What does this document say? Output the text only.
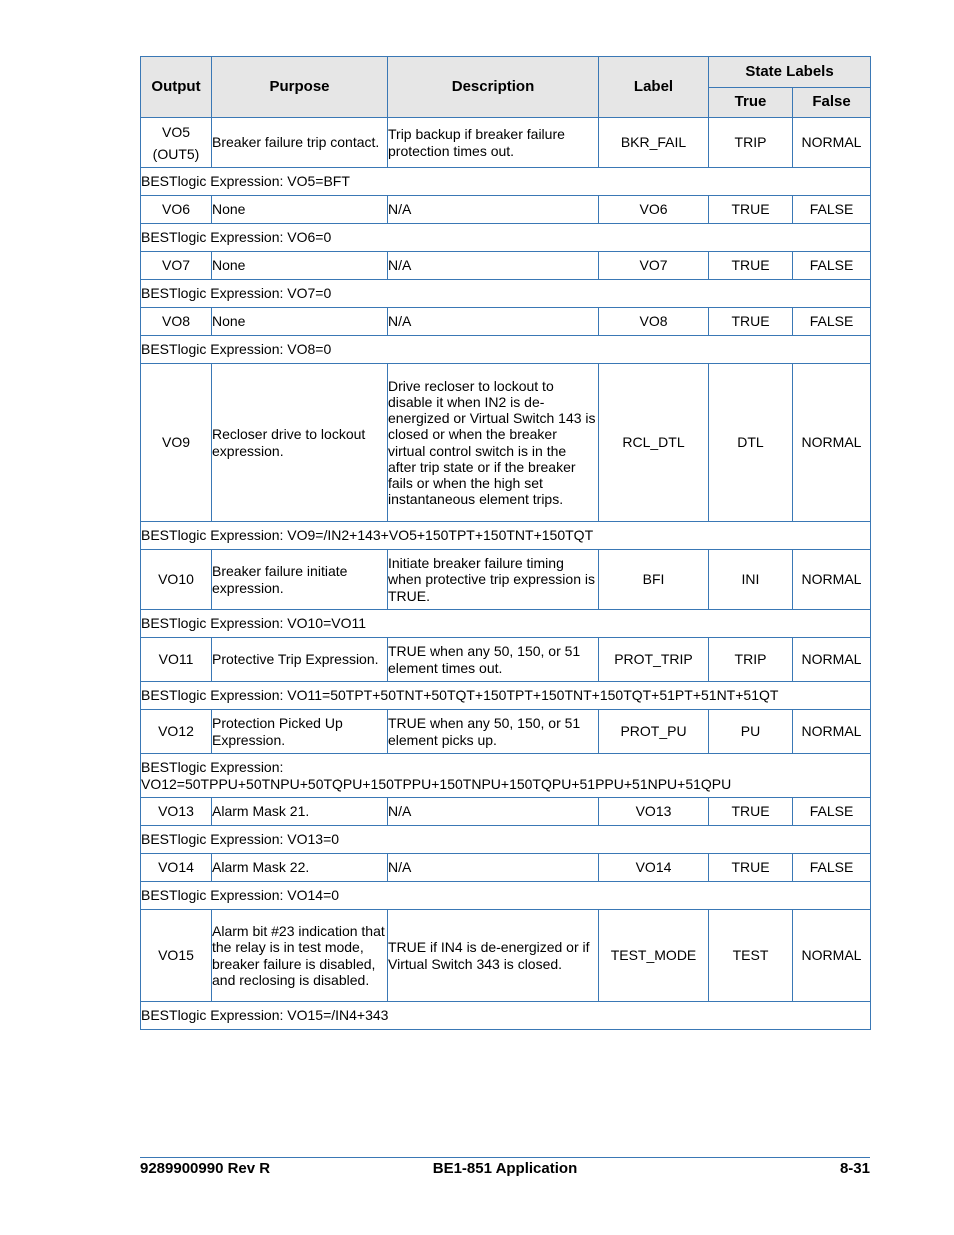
Output	Purpose	Description	Label	State Labels	
				True	False

VO5
(OUT5)	Breaker failure trip contact.	Trip backup if breaker failure protection times out.	BKR_FAIL	TRIP	NORMAL
BESTlogic Expression: VO5=BFT					
VO6	None	N/A	VO6	TRUE	FALSE
BESTlogic Expression: VO6=0					
VO7	None	N/A	VO7	TRUE	FALSE
BESTlogic Expression: VO7=0					
VO8	None	N/A	VO8	TRUE	FALSE
BESTlogic Expression: VO8=0					
VO9	Recloser drive to lockout expression.	Drive recloser to lockout to disable it when IN2 is de-energized or Virtual Switch 143 is closed or when the breaker virtual control switch is in the after trip state or if the breaker fails or when the high set instantaneous element trips.	RCL_DTL	DTL	NORMAL
BESTlogic Expression: VO9=/IN2+143+VO5+150TPT+150TNT+150TQT					
VO10	Breaker failure initiate expression.	Initiate breaker failure timing when protective trip expression is TRUE.	BFI	INI	NORMAL
BESTlogic Expression: VO10=VO11					
VO11	Protective Trip Expression.	TRUE when any 50, 150, or 51 element times out.	PROT_TRIP	TRIP	NORMAL
BESTlogic Expression: VO11=50TPT+50TNT+50TQT+150TPT+150TNT+150TQT+51PT+51NT+51QT					
VO12	Protection Picked Up Expression.	TRUE when any 50, 150, or 51 element picks up.	PROT_PU	PU	NORMAL

BESTlogic Expression:
VO12=50TPPU+50TNPU+50TQPU+150TPPU+150TNPU+150TQPU+51PPU+51NPU+51QPU					

VO13	Alarm Mask 21.	N/A	VO13	TRUE	FALSE
BESTlogic Expression: VO13=0					
VO14	Alarm Mask 22.	N/A	VO14	TRUE	FALSE
BESTlogic Expression: VO14=0					
VO15	Alarm bit #23 indication that the relay is in test mode, breaker failure is disabled, and reclosing is disabled.	TRUE if IN4 is de-energized or if Virtual Switch 343 is closed.	TEST_MODE	TEST	NORMAL
BESTlogic Expression: VO15=/IN4+343					
9289900990 Rev R	BE1-851 Application	8-31
